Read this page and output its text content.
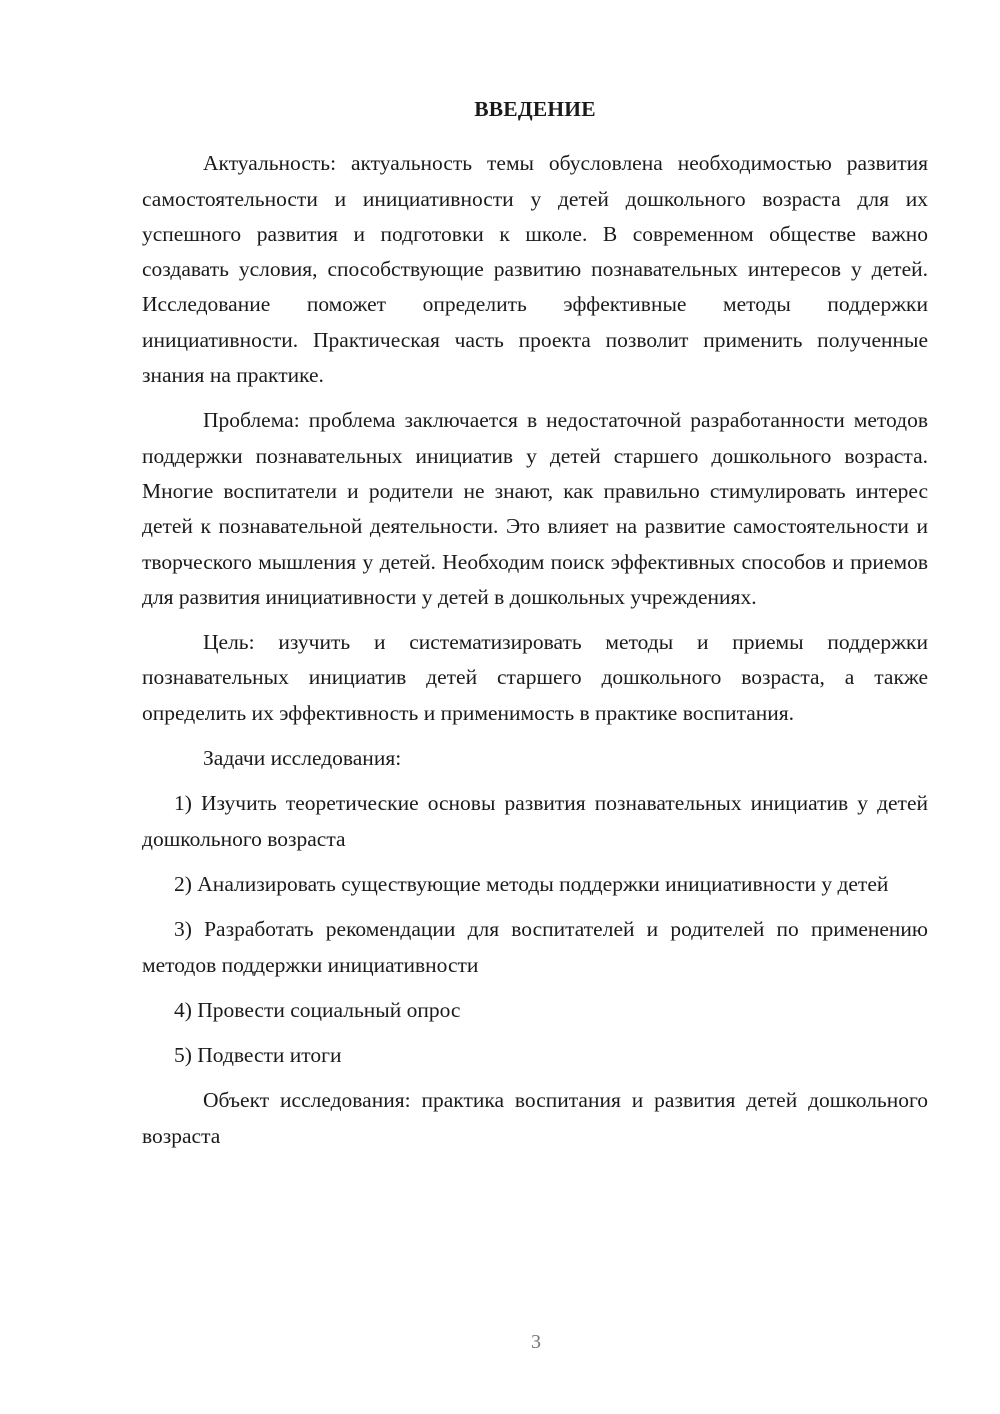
ВВЕДЕНИЕ

Актуальность: актуальность темы обусловлена необходимостью развития самостоятельности и инициативности у детей дошкольного возраста для их успешного развития и подготовки к школе. В современном обществе важно создавать условия, способствующие развитию познавательных интересов у детей. Исследование поможет определить эффективные методы поддержки инициативности. Практическая часть проекта позволит применить полученные знания на практике.

Проблема: проблема заключается в недостаточной разработанности методов поддержки познавательных инициатив у детей старшего дошкольного возраста. Многие воспитатели и родители не знают, как правильно стимулировать интерес детей к познавательной деятельности. Это влияет на развитие самостоятельности и творческого мышления у детей. Необходим поиск эффективных способов и приемов для развития инициативности у детей в дошкольных учреждениях.

Цель: изучить и систематизировать методы и приемы поддержки познавательных инициатив детей старшего дошкольного возраста, а также определить их эффективность и применимость в практике воспитания.

Задачи исследования:

1) Изучить теоретические основы развития познавательных инициатив у детей дошкольного возраста

2) Анализировать существующие методы поддержки инициативности у детей

3) Разработать рекомендации для воспитателей и родителей по применению методов поддержки инициативности

4) Провести социальный опрос

5) Подвести итоги

Объект исследования: практика воспитания и развития детей дошкольного возраста

3
